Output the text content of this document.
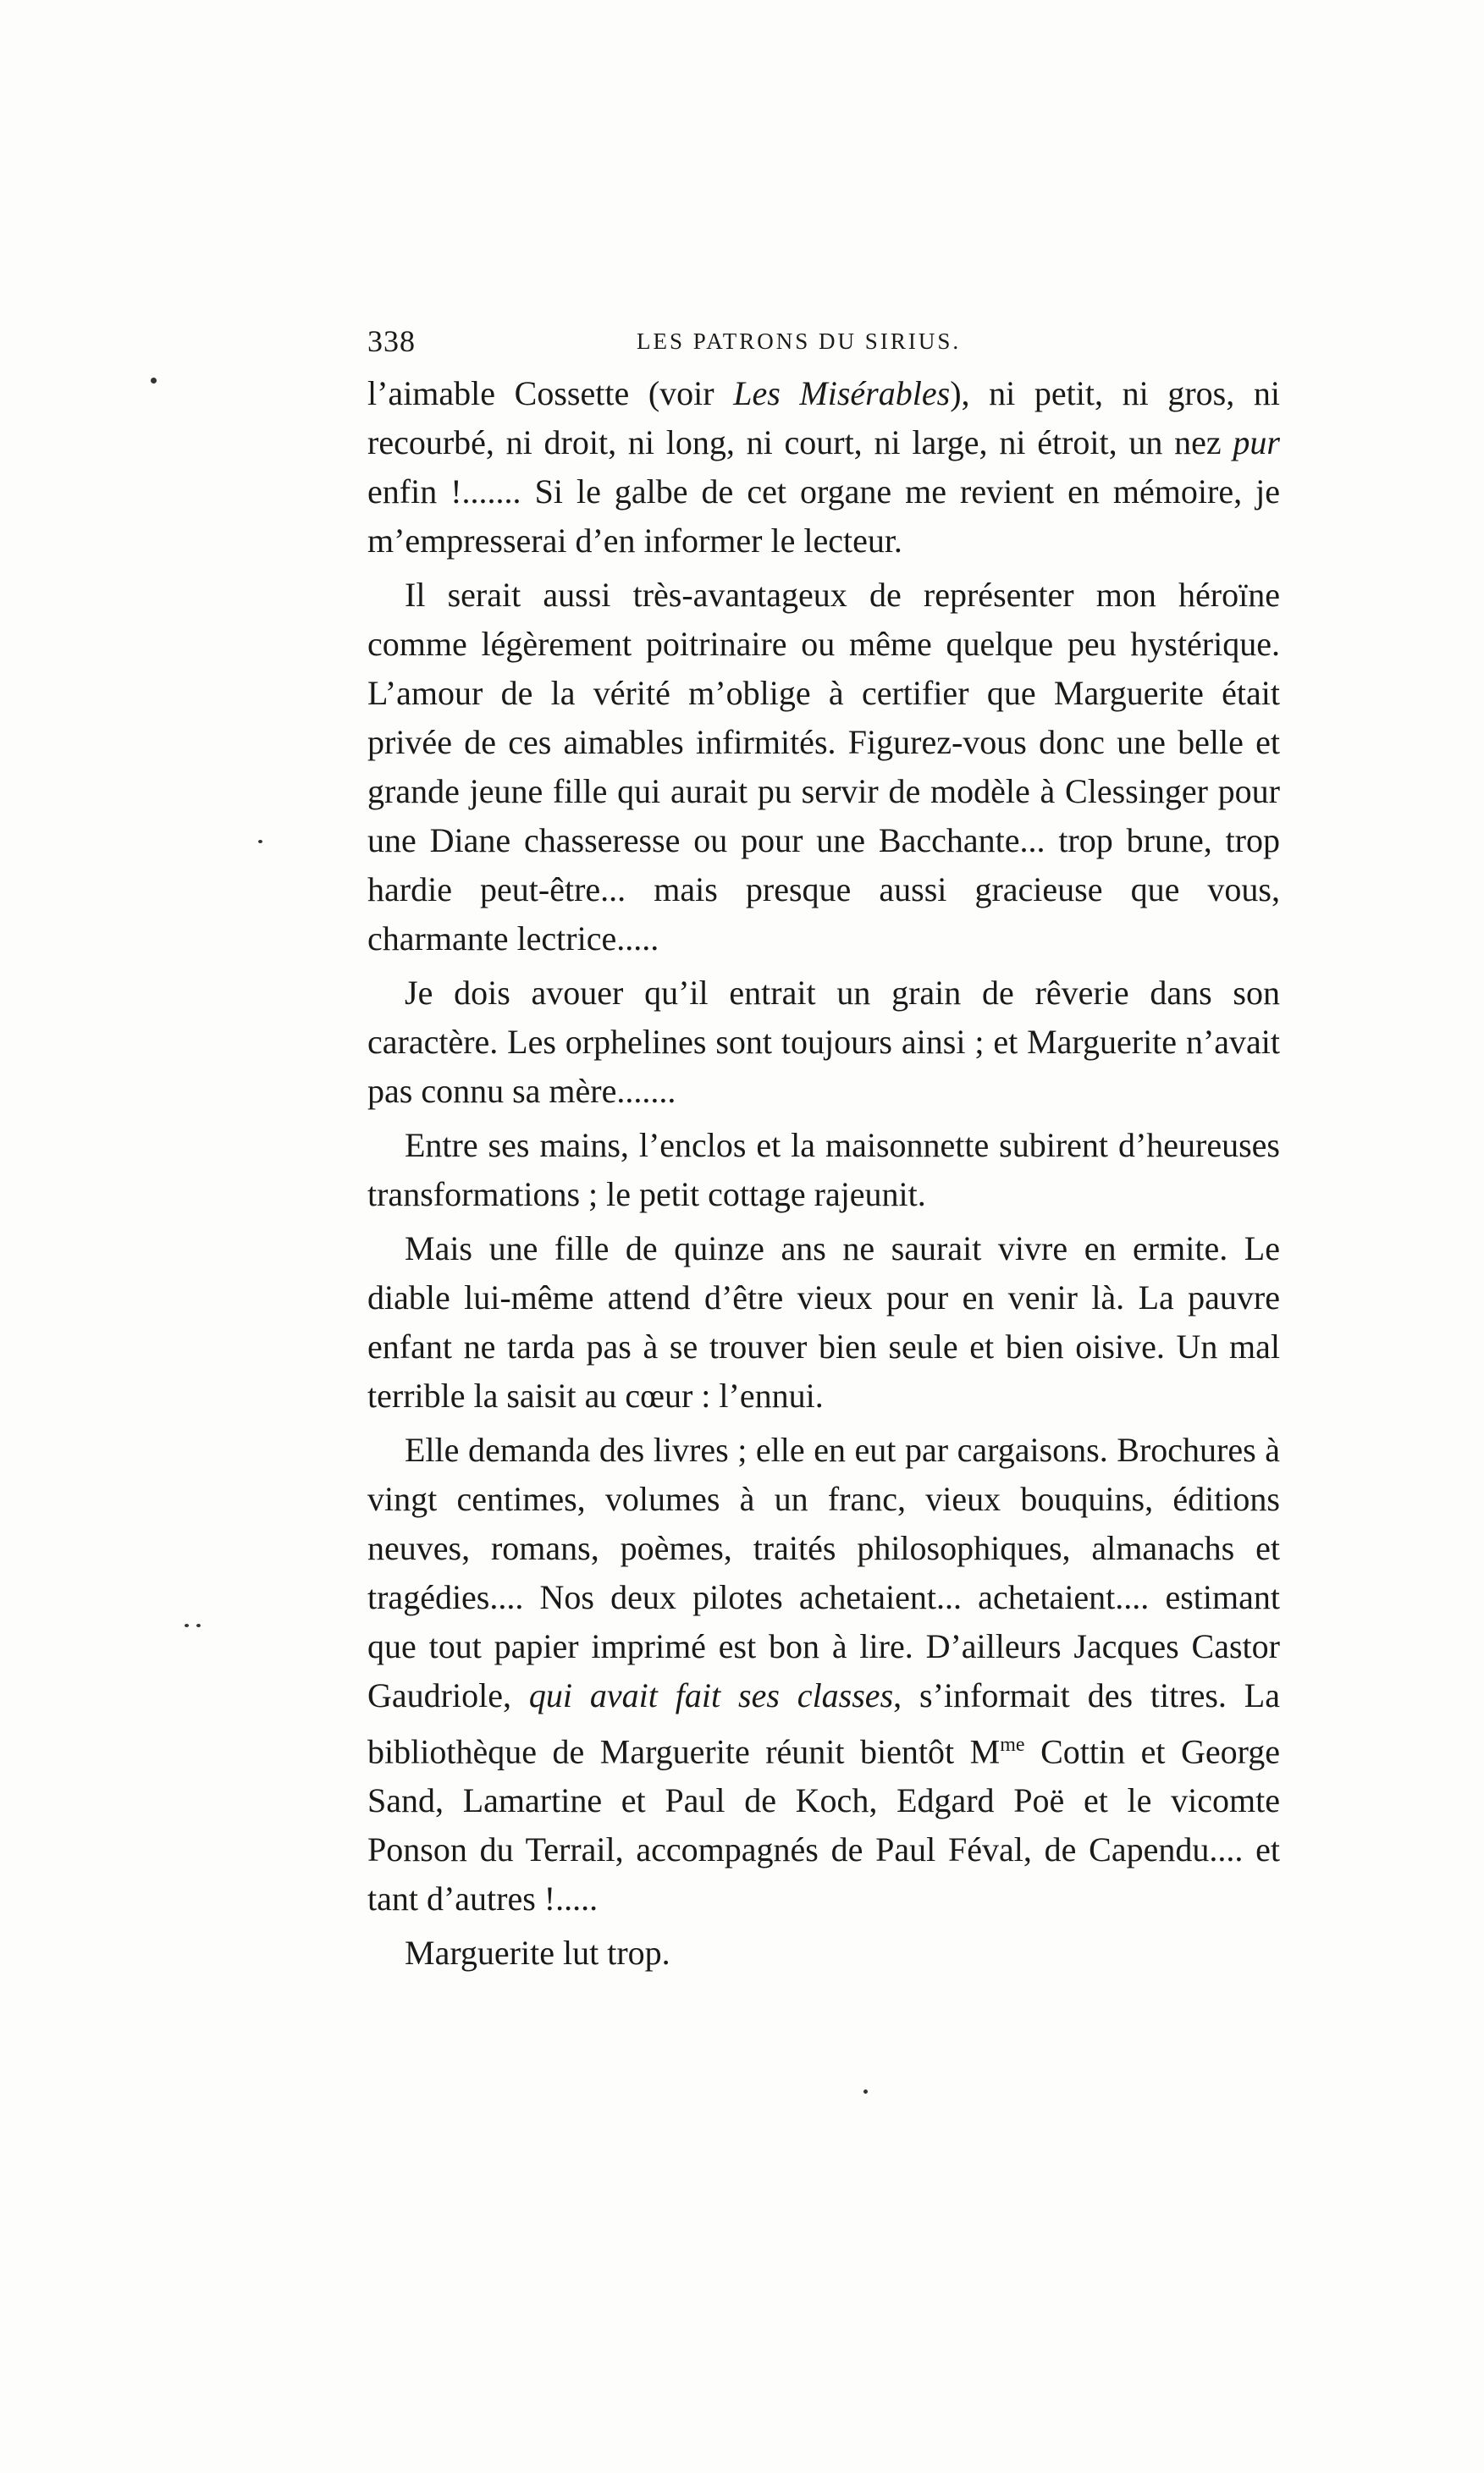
338	LES PATRONS DU SIRIUS.

l’aimable Cossette (voir Les Misérables), ni petit, ni gros, ni recourbé, ni droit, ni long, ni court, ni large, ni étroit, un nez pur enfin !....... Si le galbe de cet organe me revient en mémoire, je m’empresserai d’en informer le lecteur.

Il serait aussi très-avantageux de représenter mon héroïne comme légèrement poitrinaire ou même quelque peu hystérique. L’amour de la vérité m’oblige à certifier que Marguerite était privée de ces aimables infirmités. Figurez-vous donc une belle et grande jeune fille qui aurait pu servir de modèle à Clessinger pour une Diane chasseresse ou pour une Bacchante... trop brune, trop hardie peut-être... mais presque aussi gracieuse que vous, charmante lectrice.....

Je dois avouer qu’il entrait un grain de rêverie dans son caractère. Les orphelines sont toujours ainsi ; et Marguerite n’avait pas connu sa mère.......

Entre ses mains, l’enclos et la maisonnette subirent d’heureuses transformations ; le petit cottage rajeunit.

Mais une fille de quinze ans ne saurait vivre en ermite. Le diable lui-même attend d’être vieux pour en venir là. La pauvre enfant ne tarda pas à se trouver bien seule et bien oisive. Un mal terrible la saisit au cœur : l’ennui.

Elle demanda des livres ; elle en eut par cargaisons. Brochures à vingt centimes, volumes à un franc, vieux bouquins, éditions neuves, romans, poèmes, traités philosophiques, almanachs et tragédies.... Nos deux pilotes achetaient... achetaient.... estimant que tout papier imprimé est bon à lire. D’ailleurs Jacques Castor Gaudriole, qui avait fait ses classes, s’informait des titres. La bibliothèque de Marguerite réunit bientôt $M^{me}$ Cottin et George Sand, Lamartine et Paul de Koch, Edgard Poë et le vicomte Ponson du Terrail, accompagnés de Paul Féval, de Capendu.... et tant d’autres !.....

Marguerite lut trop.
